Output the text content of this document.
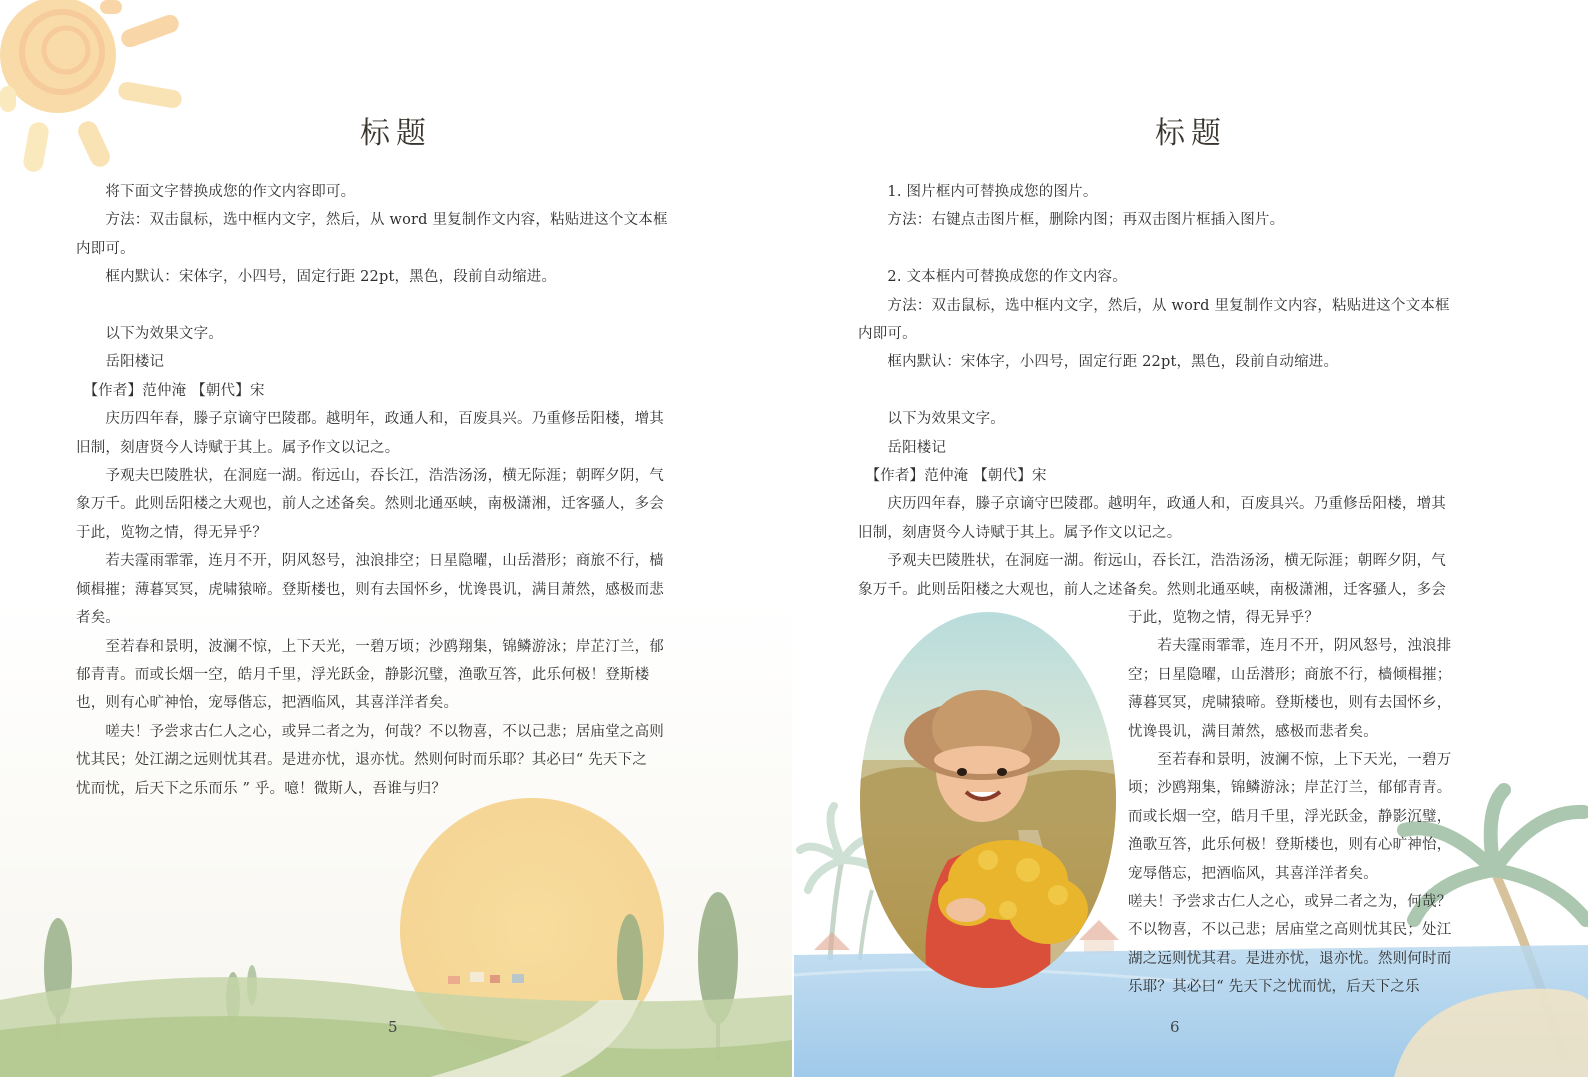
标题
　　将下面文字替换成您的作文内容即可。
　　方法：双击鼠标，选中框内文字，然后，从 word 里复制作文内容，粘贴进这个文本框
内即可。
　　框内默认：宋体字，小四号，固定行距 22pt，黑色，段前自动缩进。

　　以下为效果文字。
　　岳阳楼记
　【作者】范仲淹 【朝代】宋
　　庆历四年春，滕子京谪守巴陵郡。越明年，政通人和，百废具兴。乃重修岳阳楼，增其
旧制，刻唐贤今人诗赋于其上。属予作文以记之。
　　予观夫巴陵胜状，在洞庭一湖。衔远山，吞长江，浩浩汤汤，横无际涯；朝晖夕阴，气
象万千。此则岳阳楼之大观也，前人之述备矣。然则北通巫峡，南极潇湘，迁客骚人，多会
于此，览物之情，得无异乎？
　　若夫霪雨霏霏，连月不开，阴风怒号，浊浪排空；日星隐曜，山岳潜形；商旅不行，樯
倾楫摧；薄暮冥冥，虎啸猿啼。登斯楼也，则有去国怀乡，忧谗畏讥，满目萧然，感极而悲
者矣。
　　至若春和景明，波澜不惊，上下天光，一碧万顷；沙鸥翔集，锦鳞游泳；岸芷汀兰，郁
郁青青。而或长烟一空，皓月千里，浮光跃金，静影沉璧，渔歌互答，此乐何极！登斯楼
也，则有心旷神怡，宠辱偕忘，把酒临风，其喜洋洋者矣。
　　嗟夫！予尝求古仁人之心，或异二者之为，何哉？不以物喜，不以己悲；居庙堂之高则
忧其民；处江湖之远则忧其君。是进亦忧，退亦忧。然则何时而乐耶？其必曰“ 先天下之
忧而忧，后天下之乐而乐 ” 乎。噫！微斯人，吾谁与归？
5
标题
　　1. 图片框内可替换成您的图片。
　　方法：右键点击图片框，删除内图；再双击图片框插入图片。

　　2. 文本框内可替换成您的作文内容。
　　方法：双击鼠标，选中框内文字，然后，从 word 里复制作文内容，粘贴进这个文本框
内即可。
　　框内默认：宋体字，小四号，固定行距 22pt，黑色，段前自动缩进。

　　以下为效果文字。
　　岳阳楼记
　【作者】范仲淹 【朝代】宋
　　庆历四年春，滕子京谪守巴陵郡。越明年，政通人和，百废具兴。乃重修岳阳楼，增其
旧制，刻唐贤今人诗赋于其上。属予作文以记之。
　　予观夫巴陵胜状，在洞庭一湖。衔远山，吞长江，浩浩汤汤，横无际涯；朝晖夕阴，气
象万千。此则岳阳楼之大观也，前人之述备矣。然则北通巫峡，南极潇湘，迁客骚人，多会
于此，览物之情，得无异乎？
　　若夫霪雨霏霏，连月不开，阴风怒号，浊浪排
空；日星隐曜，山岳潜形；商旅不行，樯倾楫摧；
薄暮冥冥，虎啸猿啼。登斯楼也，则有去国怀乡，
忧谗畏讥，满目萧然，感极而悲者矣。
　　至若春和景明，波澜不惊，上下天光，一碧万
顷；沙鸥翔集，锦鳞游泳；岸芷汀兰，郁郁青青。
而或长烟一空，皓月千里，浮光跃金，静影沉璧，
渔歌互答，此乐何极！登斯楼也，则有心旷神怡，
宠辱偕忘，把酒临风，其喜洋洋者矣。
嗟夫！予尝求古仁人之心，或异二者之为，何哉？
不以物喜，不以己悲；居庙堂之高则忧其民；处江
湖之远则忧其君。是进亦忧，退亦忧。然则何时而
乐耶？其必曰“ 先天下之忧而忧，后天下之乐
6
